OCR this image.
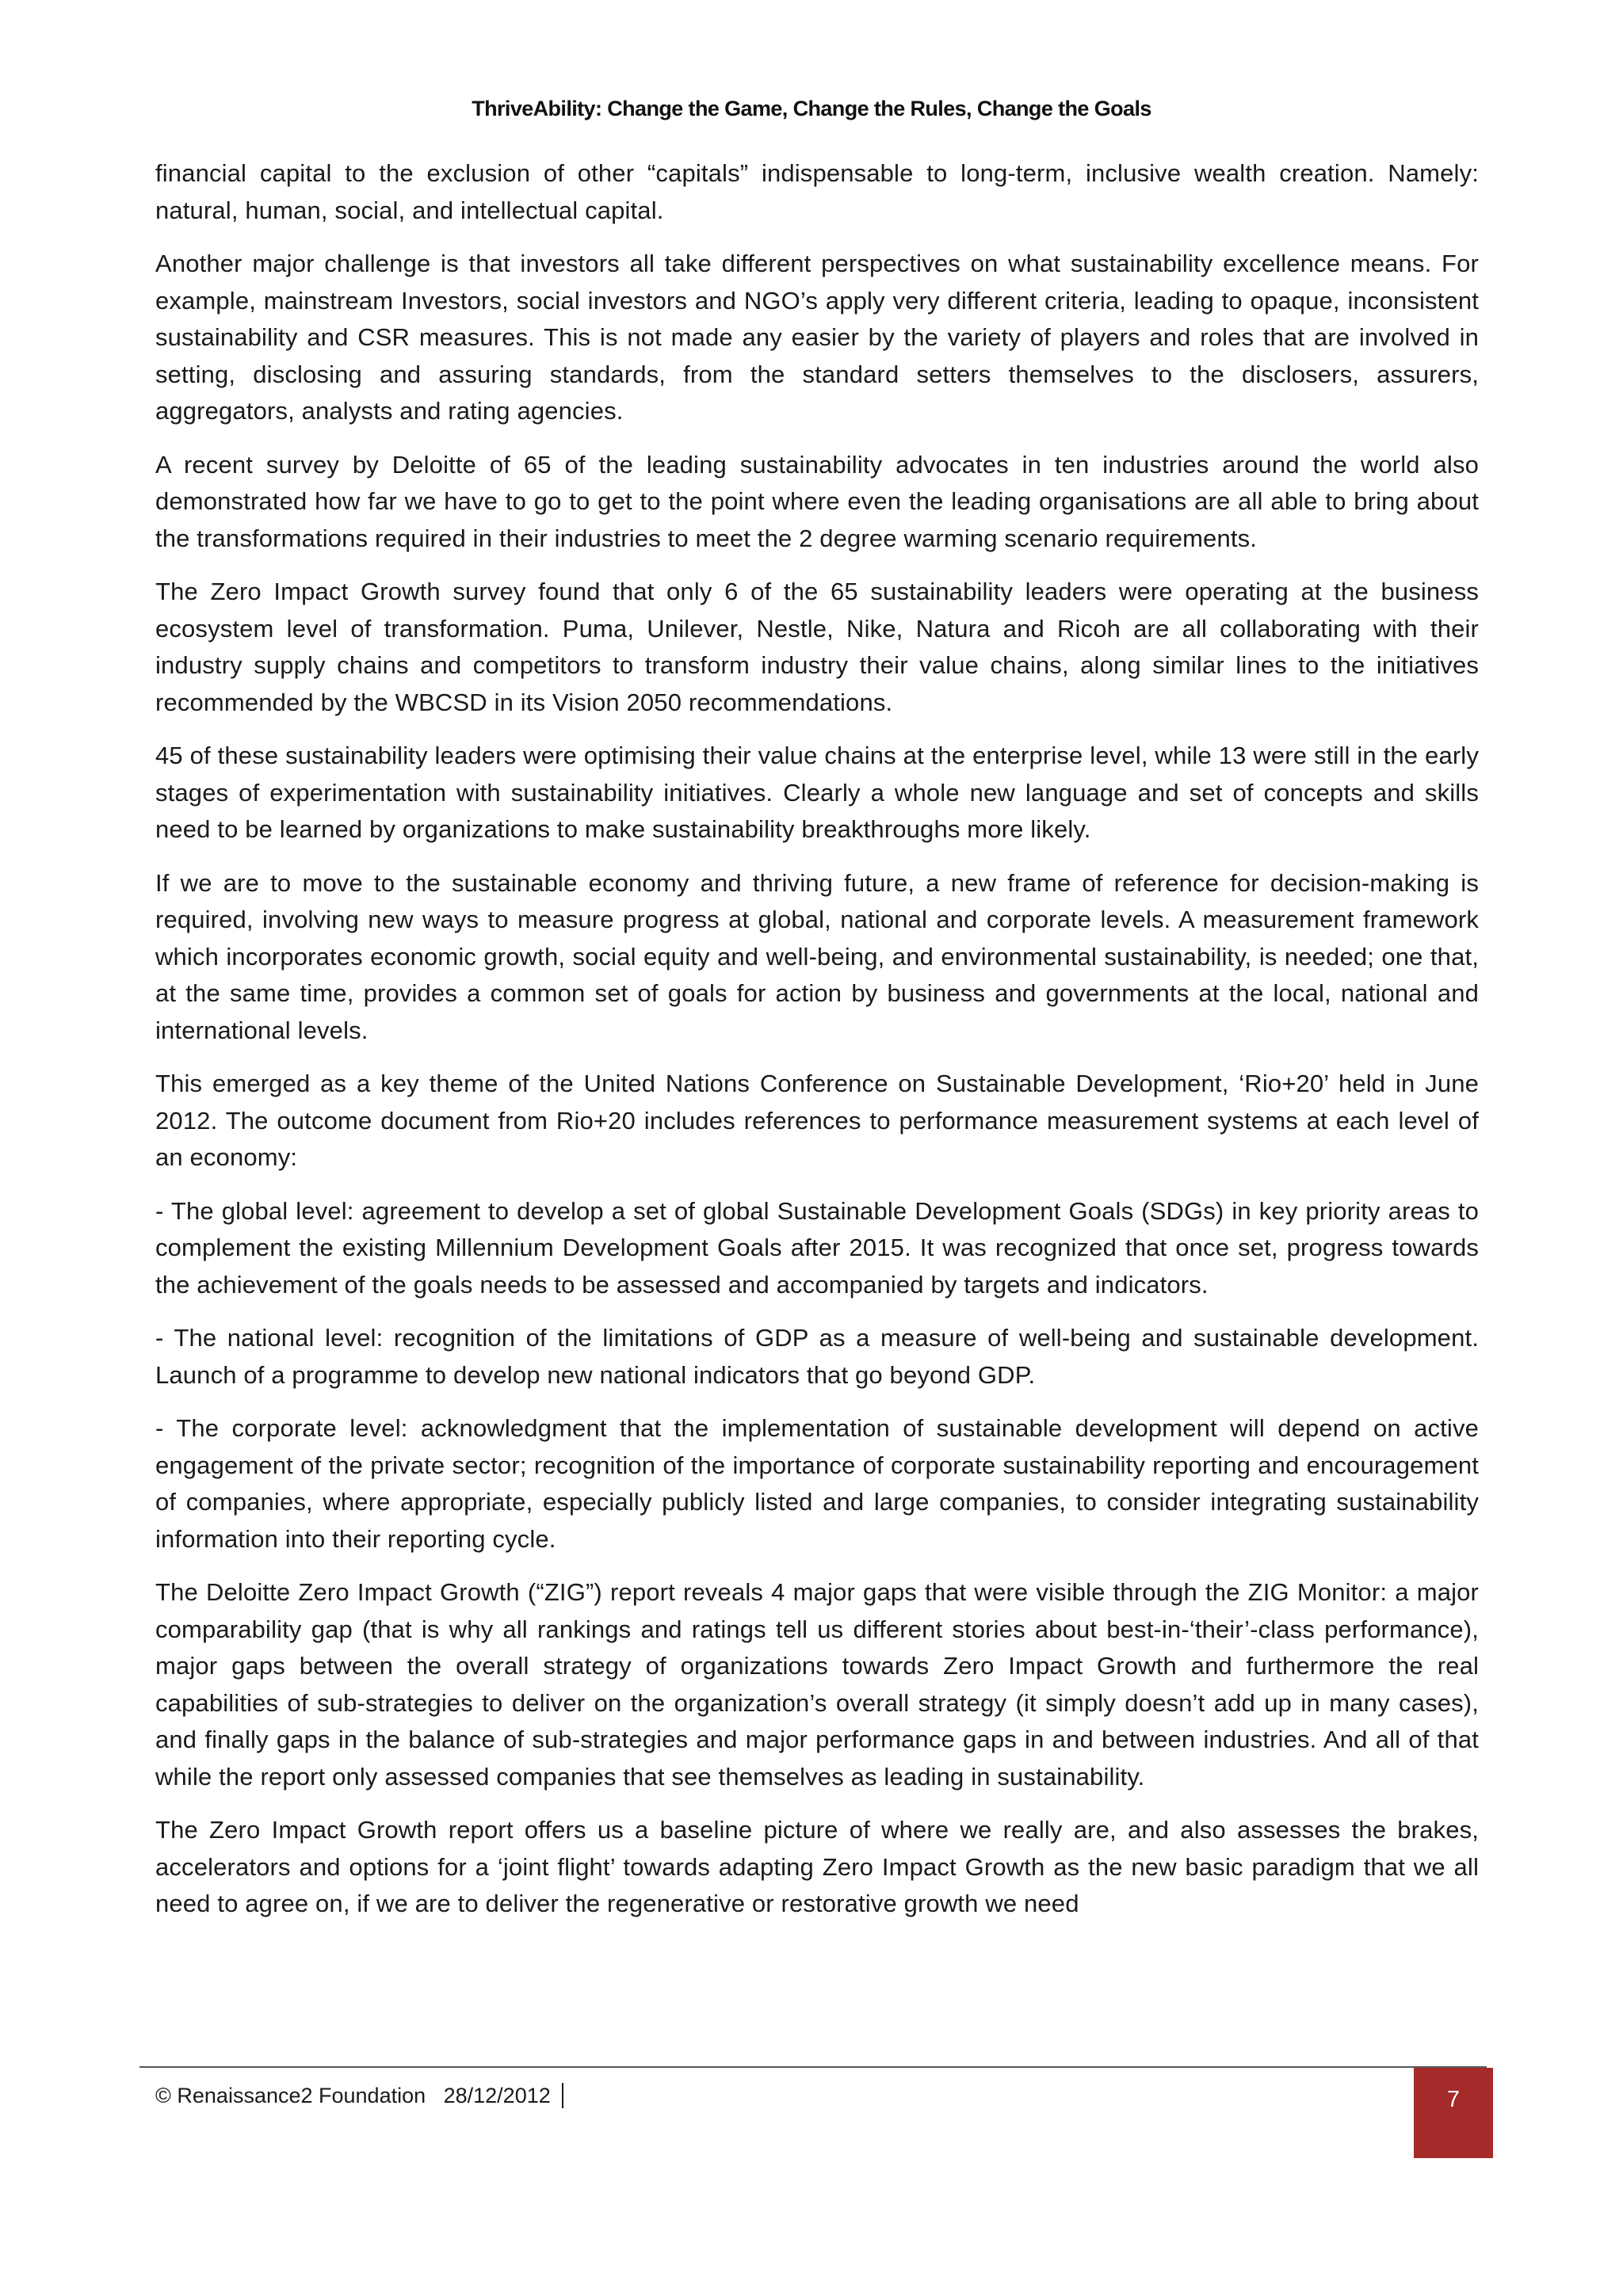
ThriveAbility: Change the Game, Change the Rules, Change the Goals

financial capital to the exclusion of other “capitals” indispensable to long-term, inclusive wealth creation. Namely: natural, human, social, and intellectual capital.

Another major challenge is that investors all take different perspectives on what sustainability excellence means. For example, mainstream Investors, social investors and NGO’s apply very different criteria, leading to opaque, inconsistent sustainability and CSR measures. This is not made any easier by the variety of players and roles that are involved in setting, disclosing and assuring standards, from the standard setters themselves to the disclosers, assurers, aggregators, analysts and rating agencies.

A recent survey by Deloitte of 65 of the leading sustainability advocates in ten industries around the world also demonstrated how far we have to go to get to the point where even the leading organisations are all able to bring about the transformations required in their industries to meet the 2 degree warming scenario requirements.

The Zero Impact Growth survey found that only 6 of the 65 sustainability leaders were operating at the business ecosystem level of transformation. Puma, Unilever, Nestle, Nike, Natura and Ricoh are all collaborating with their industry supply chains and competitors to transform industry their value chains, along similar lines to the initiatives recommended by the WBCSD in its Vision 2050 recommendations.

45 of these sustainability leaders were optimising their value chains at the enterprise level, while 13 were still in the early stages of experimentation with sustainability initiatives. Clearly a whole new language and set of concepts and skills need to be learned by organizations to make sustainability breakthroughs more likely.

If we are to move to the sustainable economy and thriving future, a new frame of reference for decision-making is required, involving new ways to measure progress at global, national and corporate levels. A measurement framework which incorporates economic growth, social equity and well-being, and environmental sustainability, is needed; one that, at the same time, provides a common set of goals for action by business and governments at the local, national and international levels.

This emerged as a key theme of the United Nations Conference on Sustainable Development, ‘Rio+20’ held in June 2012. The outcome document from Rio+20 includes references to performance measurement systems at each level of an economy:

- The global level: agreement to develop a set of global Sustainable Development Goals (SDGs) in key priority areas to complement the existing Millennium Development Goals after 2015. It was recognized that once set, progress towards the achievement of the goals needs to be assessed and accompanied by targets and indicators.

- The national level: recognition of the limitations of GDP as a measure of well-being and sustainable development. Launch of a programme to develop new national indicators that go beyond GDP.

- The corporate level: acknowledgment that the implementation of sustainable development will depend on active engagement of the private sector; recognition of the importance of corporate sustainability reporting and encouragement of companies, where appropriate, especially publicly listed and large companies, to consider integrating sustainability information into their reporting cycle.

The Deloitte Zero Impact Growth (“ZIG”) report reveals 4 major gaps that were visible through the ZIG Monitor: a major comparability gap (that is why all rankings and ratings tell us different stories about best-in-‘their’-class performance), major gaps between the overall strategy of organizations towards Zero Impact Growth and furthermore the real capabilities of sub-strategies to deliver on the organization’s overall strategy (it simply doesn’t add up in many cases), and finally gaps in the balance of sub-strategies and major performance gaps in and between industries. And all of that while the report only assessed companies that see themselves as leading in sustainability.

The Zero Impact Growth report offers us a baseline picture of where we really are, and also assesses the brakes, accelerators and options for a ‘joint flight’ towards adapting Zero Impact Growth as the new basic paradigm that we all need to agree on, if we are to deliver the regenerative or restorative growth we need

© Renaissance2 Foundation   28/12/2012	7
